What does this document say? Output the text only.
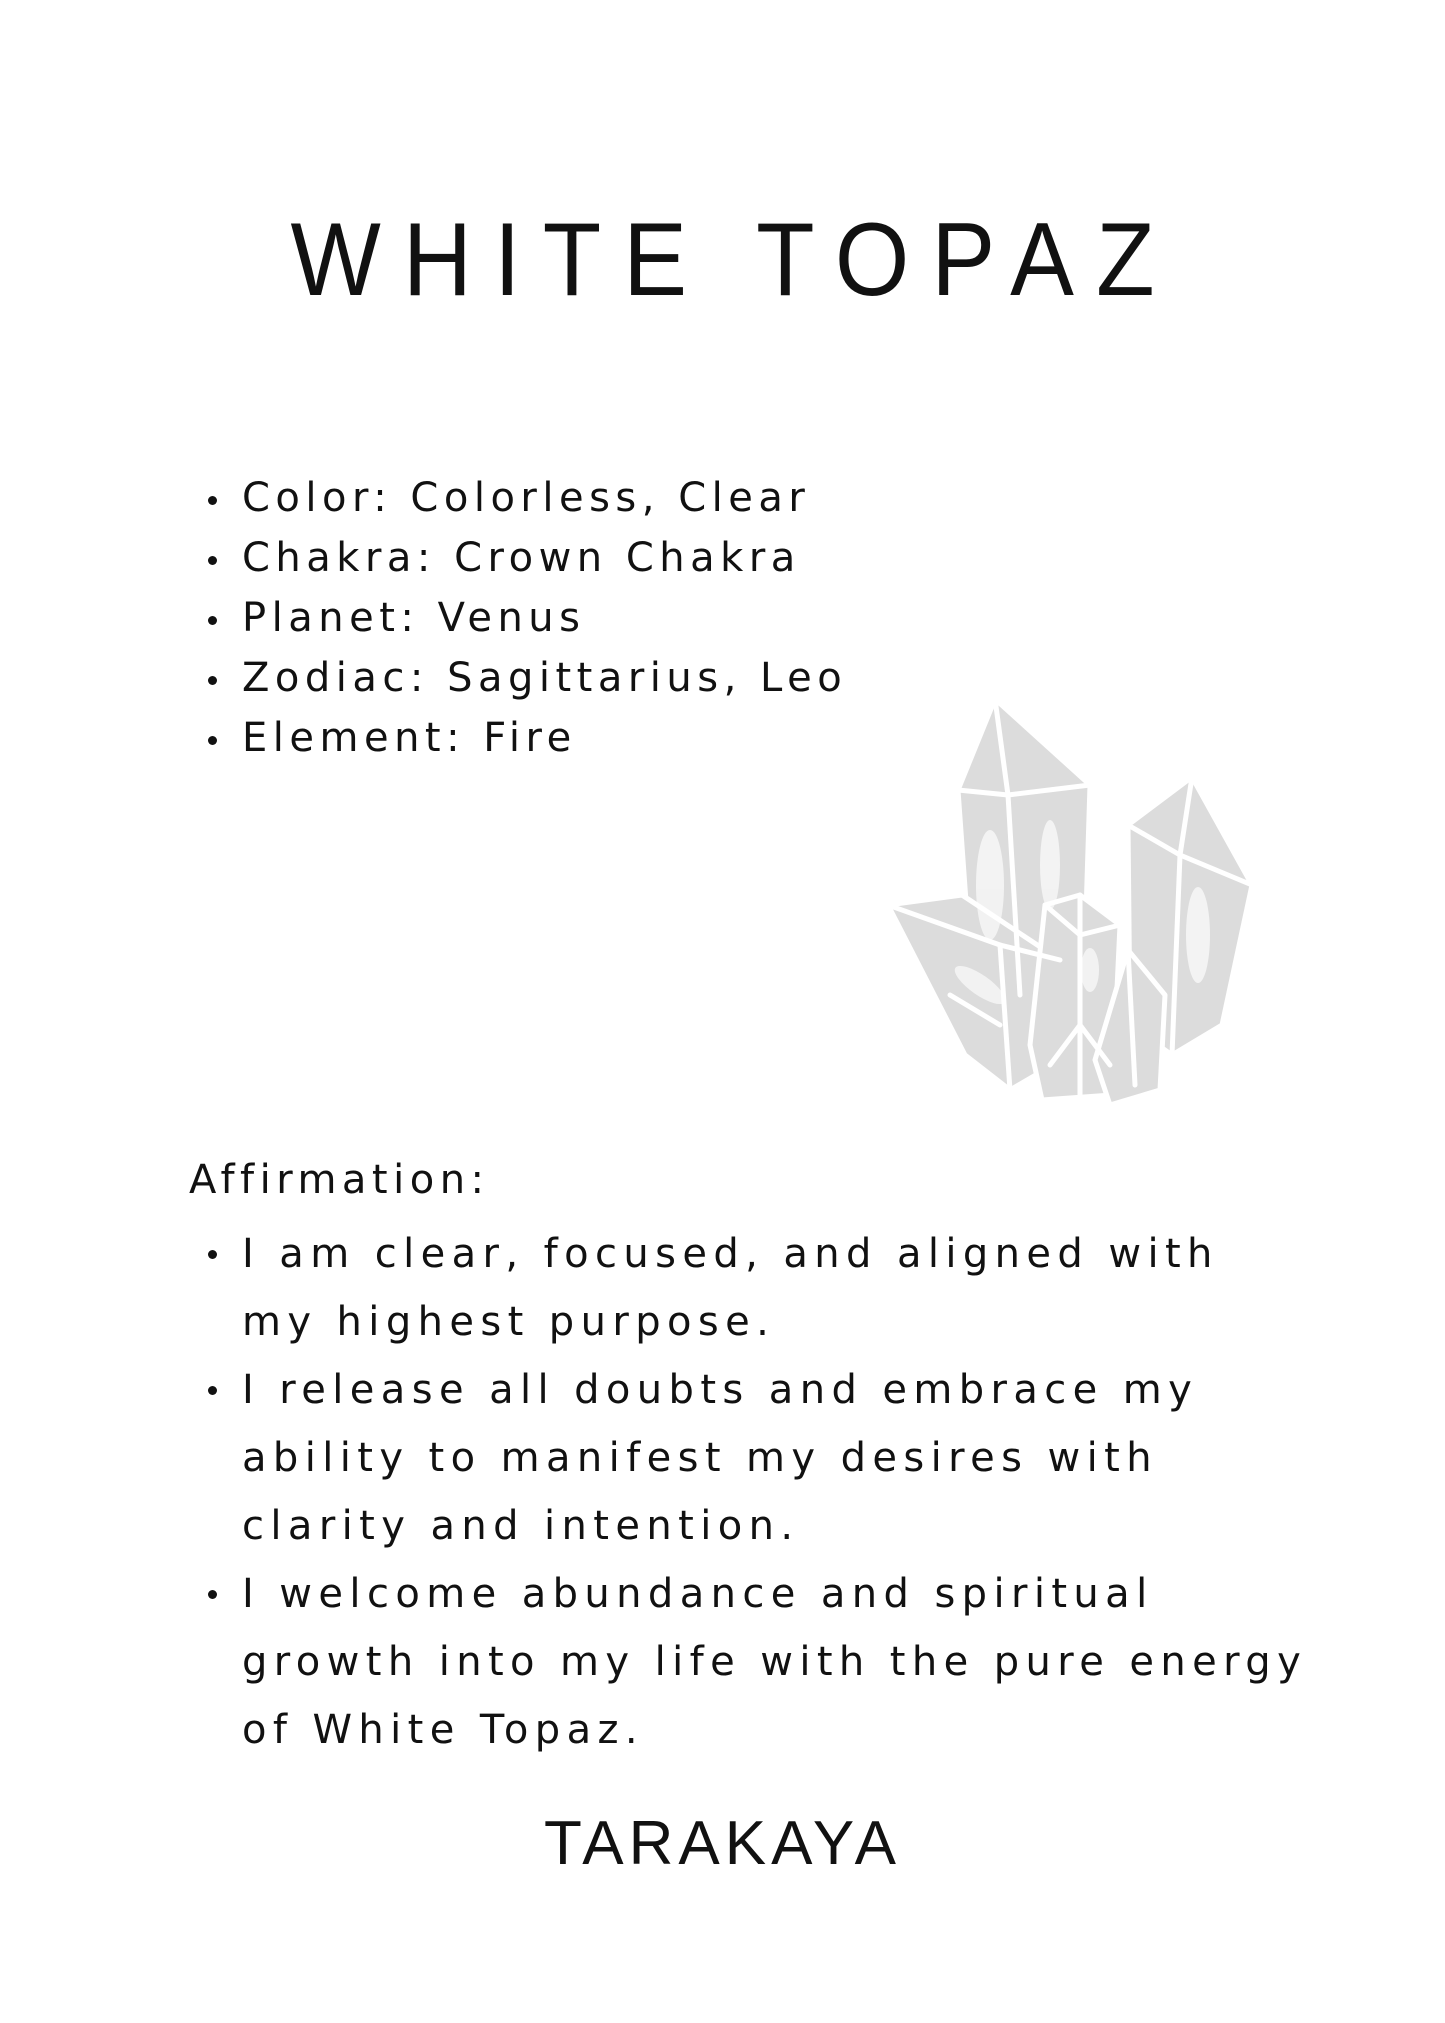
WHITE TOPAZ
Color: Colorless, Clear
Chakra: Crown Chakra
Planet: Venus
Zodiac: Sagittarius, Leo
Element: Fire
Affirmation:
I am clear, focused, and aligned with my highest purpose.
I release all doubts and embrace my ability to manifest my desires with clarity and intention.
I welcome abundance and spiritual growth into my life with the pure energy of White Topaz.

TARAKAYA
